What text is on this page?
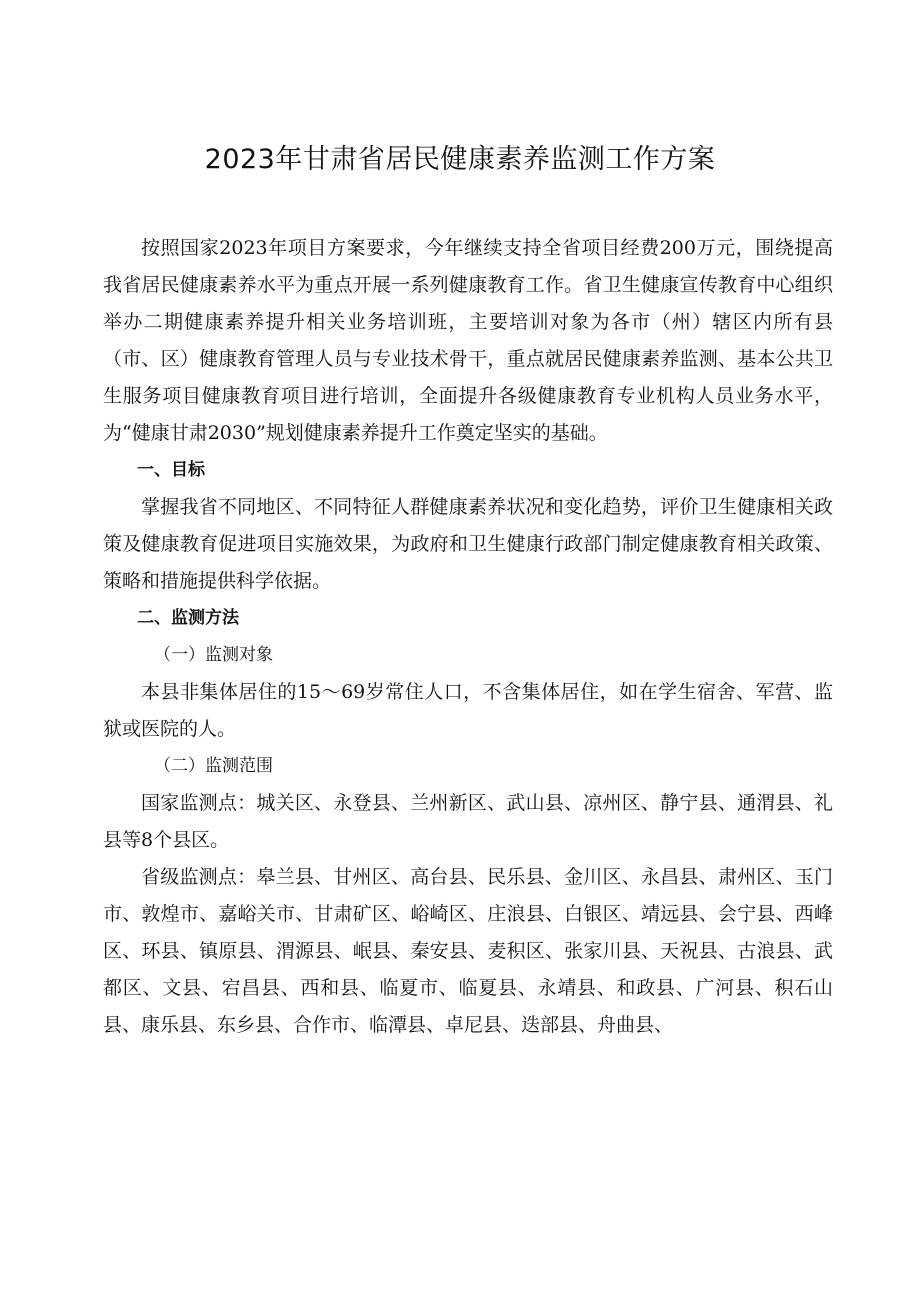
2023年甘肃省居民健康素养监测工作方案

按照国家2023年项目方案要求，今年继续支持全省项目经费200万元，围绕提高我省居民健康素养水平为重点开展一系列健康教育工作。省卫生健康宣传教育中心组织举办二期健康素养提升相关业务培训班，主要培训对象为各市（州）辖区内所有县（市、区）健康教育管理人员与专业技术骨干，重点就居民健康素养监测、基本公共卫生服务项目健康教育项目进行培训，全面提升各级健康教育专业机构人员业务水平，为“健康甘肃2030”规划健康素养提升工作奠定坚实的基础。

一、目标

掌握我省不同地区、不同特征人群健康素养状况和变化趋势，评价卫生健康相关政策及健康教育促进项目实施效果，为政府和卫生健康行政部门制定健康教育相关政策、策略和措施提供科学依据。

二、监测方法

（一）监测对象

本县非集体居住的15～69岁常住人口，不含集体居住，如在学生宿舍、军营、监狱或医院的人。

（二）监测范围

国家监测点：城关区、永登县、兰州新区、武山县、凉州区、静宁县、通渭县、礼县等8个县区。

省级监测点：皋兰县、甘州区、高台县、民乐县、金川区、永昌县、肃州区、玉门市、敦煌市、嘉峪关市、甘肃矿区、峪崎区、庄浪县、白银区、靖远县、会宁县、西峰区、环县、镇原县、渭源县、岷县、秦安县、麦积区、张家川县、天祝县、古浪县、武都区、文县、宕昌县、西和县、临夏市、临夏县、永靖县、和政县、广河县、积石山县、康乐县、东乡县、合作市、临潭县、卓尼县、迭部县、舟曲县、
